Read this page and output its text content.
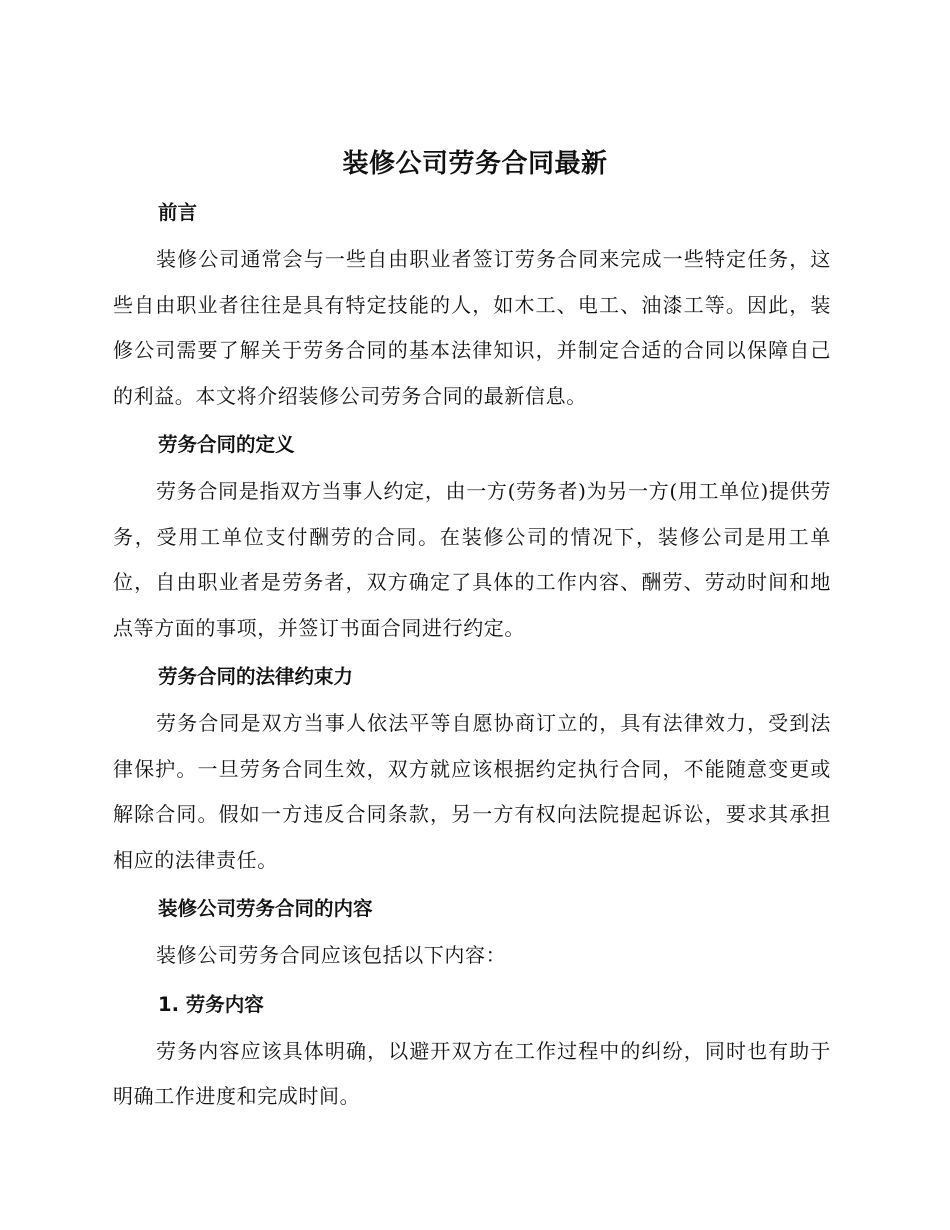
装修公司劳务合同最新
前言

装修公司通常会与一些自由职业者签订劳务合同来完成一些特定任务，这些自由职业者往往是具有特定技能的人，如木工、电工、油漆工等。因此，装修公司需要了解关于劳务合同的基本法律知识，并制定合适的合同以保障自己的利益。本文将介绍装修公司劳务合同的最新信息。

劳务合同的定义

劳务合同是指双方当事人约定，由一方(劳务者)为另一方(用工单位)提供劳务，受用工单位支付酬劳的合同。在装修公司的情况下，装修公司是用工单位，自由职业者是劳务者，双方确定了具体的工作内容、酬劳、劳动时间和地点等方面的事项，并签订书面合同进行约定。

劳务合同的法律约束力

劳务合同是双方当事人依法平等自愿协商订立的，具有法律效力，受到法律保护。一旦劳务合同生效，双方就应该根据约定执行合同，不能随意变更或解除合同。假如一方违反合同条款，另一方有权向法院提起诉讼，要求其承担相应的法律责任。

装修公司劳务合同的内容

装修公司劳务合同应该包括以下内容：

1. 劳务内容

劳务内容应该具体明确，以避开双方在工作过程中的纠纷，同时也有助于明确工作进度和完成时间。
